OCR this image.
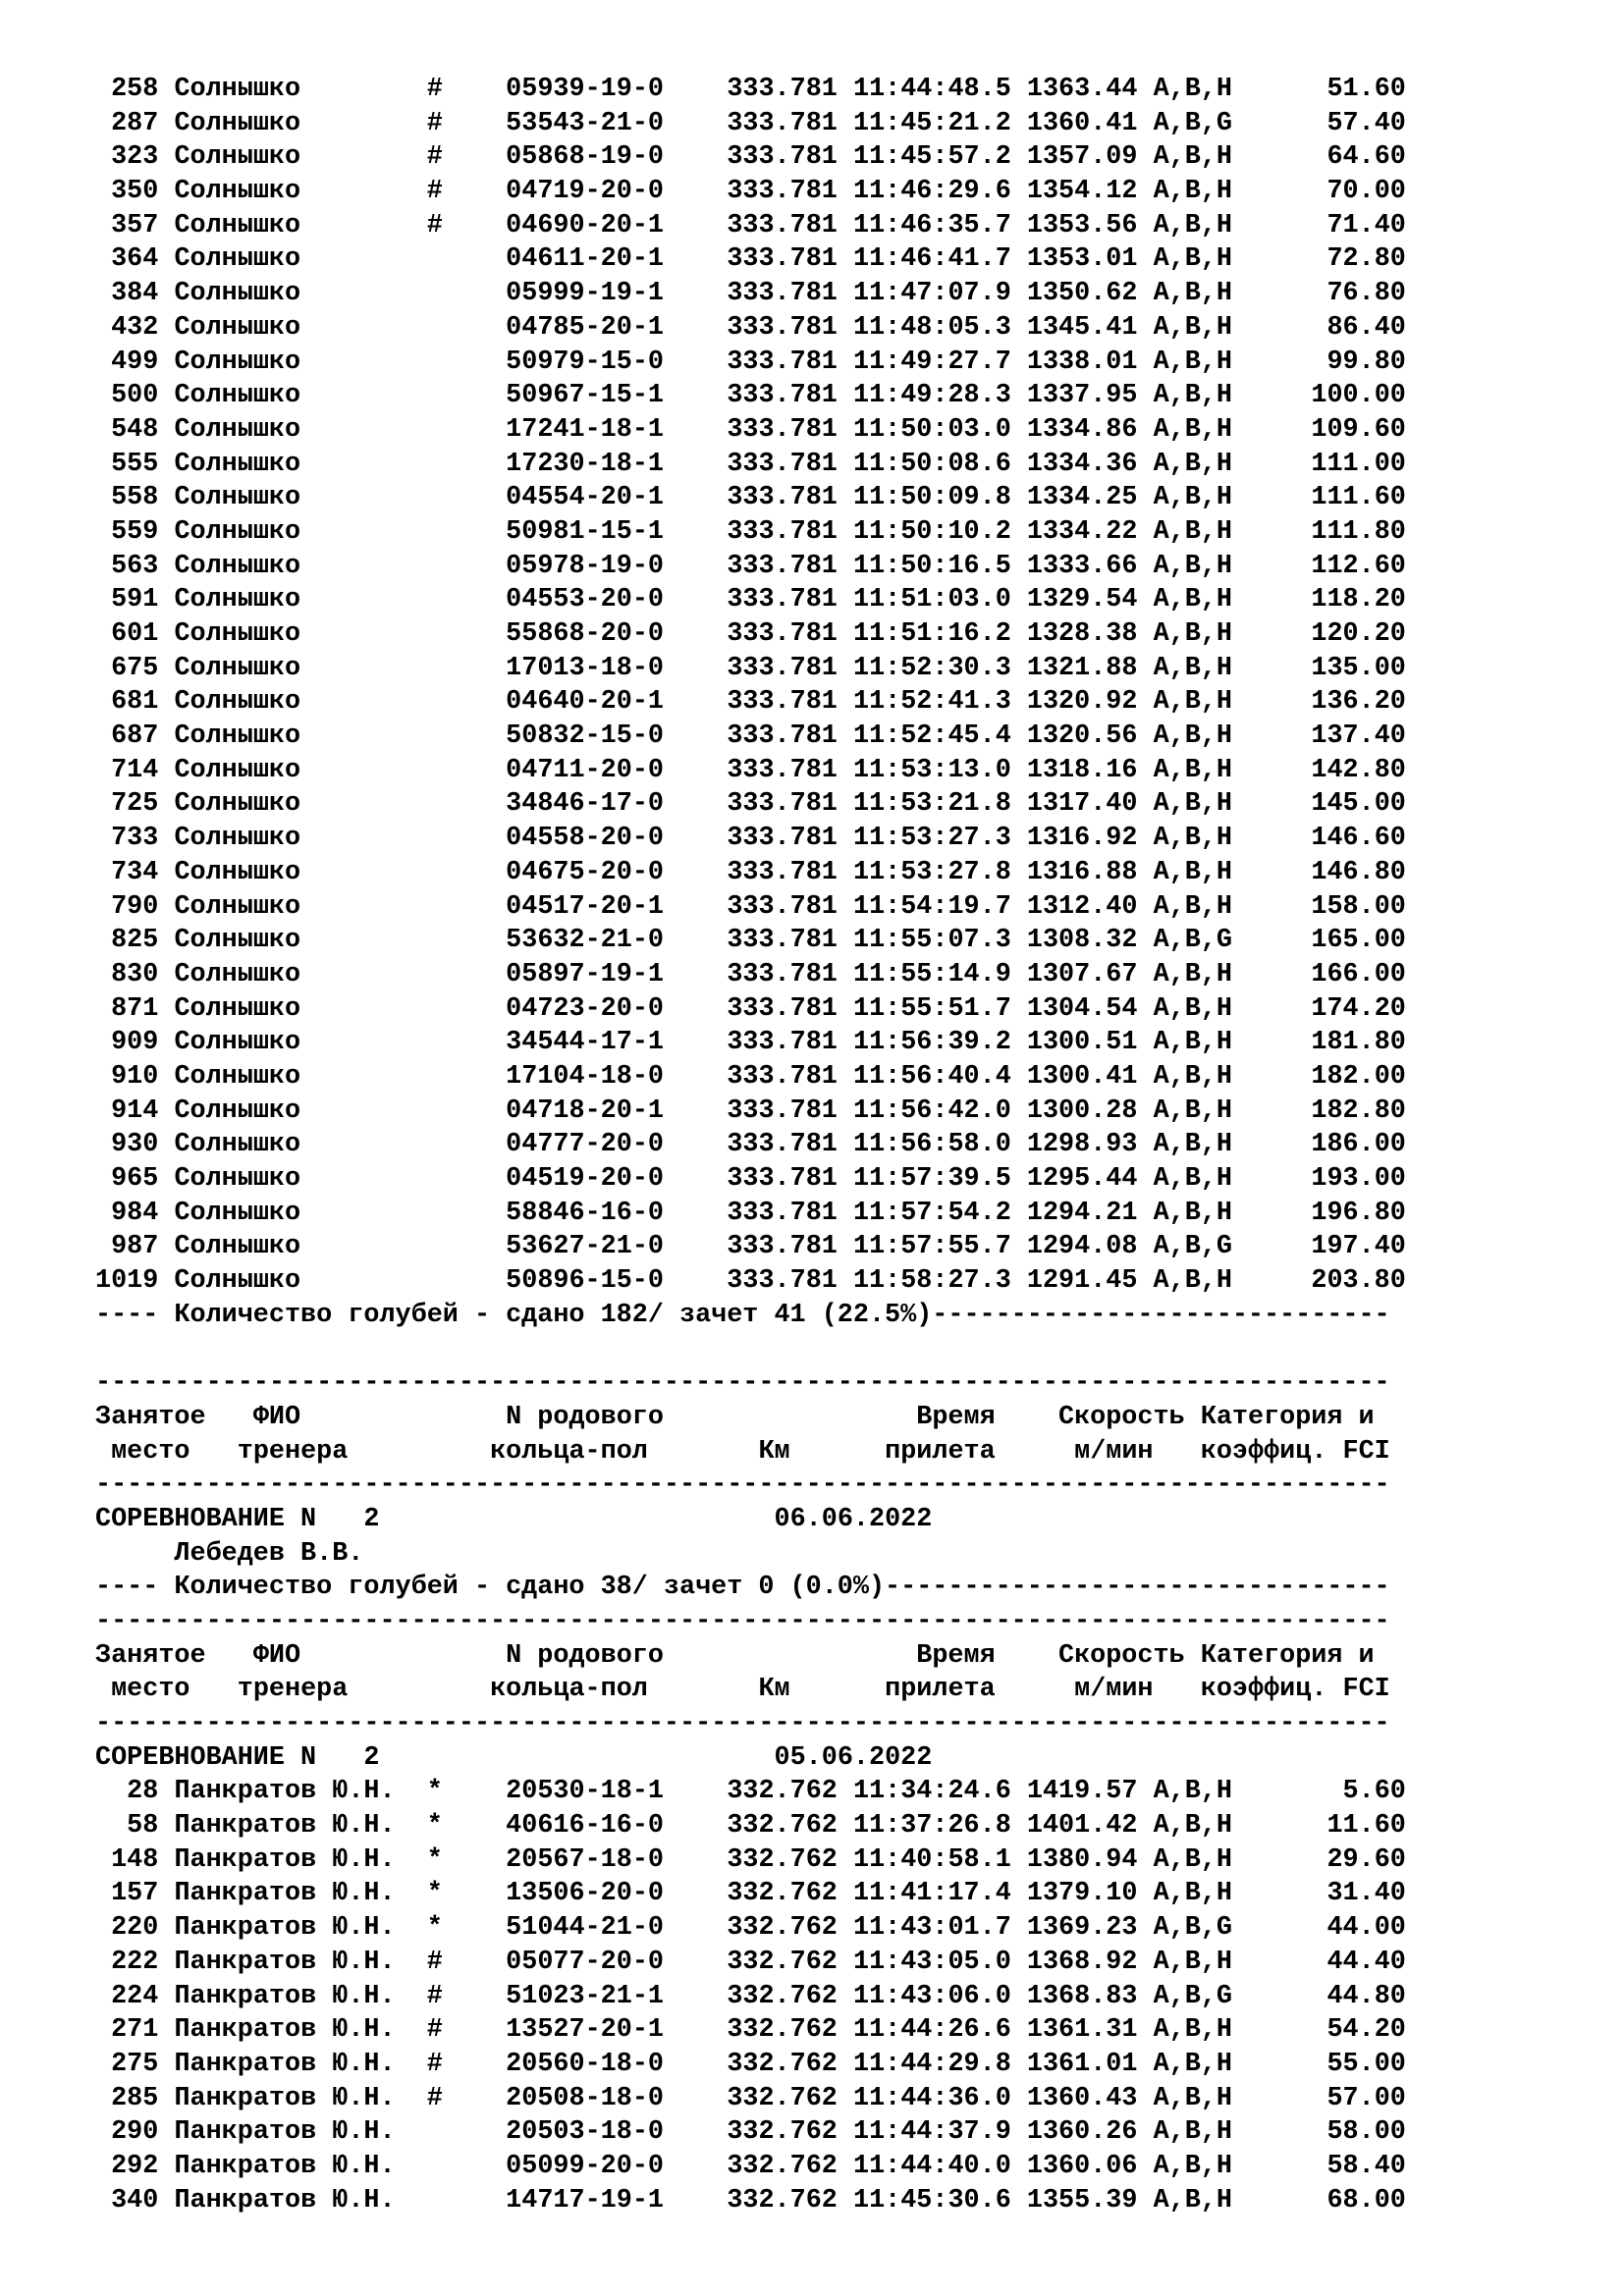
258 Солнышко	# 05939-19-0 333.781 11:44:48.5 1363.44 A,B,H	51.60
287 Солнышко	# 53543-21-0 333.781 11:45:21.2 1360.41 A,B,G	57.40
323 Солнышко	# 05868-19-0 333.781 11:45:57.2 1357.09 A,B,H	64.60
350 Солнышко	# 04719-20-0 333.781 11:46:29.6 1354.12 A,B,H	70.00
357 Солнышко	# 04690-20-1 333.781 11:46:35.7 1353.56 A,B,H	71.40
364 Солнышко	04611-20-1 333.781 11:46:41.7 1353.01 A,B,H	72.80
384 Солнышко	05999-19-1 333.781 11:47:07.9 1350.62 A,B,H	76.80
432 Солнышко	04785-20-1 333.781 11:48:05.3 1345.41 A,B,H	86.40
499 Солнышко	50979-15-0 333.781 11:49:27.7 1338.01 A,B,H	99.80
500 Солнышко	50967-15-1 333.781 11:49:28.3 1337.95 A,B,H	100.00
548 Солнышко	17241-18-1 333.781 11:50:03.0 1334.86 A,B,H	109.60
555 Солнышко	17230-18-1 333.781 11:50:08.6 1334.36 A,B,H	111.00
558 Солнышко	04554-20-1 333.781 11:50:09.8 1334.25 A,B,H	111.60
559 Солнышко	50981-15-1 333.781 11:50:10.2 1334.22 A,B,H	111.80
563 Солнышко	05978-19-0 333.781 11:50:16.5 1333.66 A,B,H	112.60
591 Солнышко	04553-20-0 333.781 11:51:03.0 1329.54 A,B,H	118.20
601 Солнышко	55868-20-0 333.781 11:51:16.2 1328.38 A,B,H	120.20
675 Солнышко	17013-18-0 333.781 11:52:30.3 1321.88 A,B,H	135.00
681 Солнышко	04640-20-1 333.781 11:52:41.3 1320.92 A,B,H	136.20
687 Солнышко	50832-15-0 333.781 11:52:45.4 1320.56 A,B,H	137.40
714 Солнышко	04711-20-0 333.781 11:53:13.0 1318.16 A,B,H	142.80
725 Солнышко	34846-17-0 333.781 11:53:21.8 1317.40 A,B,H	145.00
733 Солнышко	04558-20-0 333.781 11:53:27.3 1316.92 A,B,H	146.60
734 Солнышко	04675-20-0 333.781 11:53:27.8 1316.88 A,B,H	146.80
790 Солнышко	04517-20-1 333.781 11:54:19.7 1312.40 A,B,H	158.00
825 Солнышко	53632-21-0 333.781 11:55:07.3 1308.32 A,B,G	165.00
830 Солнышко	05897-19-1 333.781 11:55:14.9 1307.67 A,B,H	166.00
871 Солнышко	04723-20-0 333.781 11:55:51.7 1304.54 A,B,H	174.20
909 Солнышко	34544-17-1 333.781 11:56:39.2 1300.51 A,B,H	181.80
910 Солнышко	17104-18-0 333.781 11:56:40.4 1300.41 A,B,H	182.00
914 Солнышко	04718-20-1 333.781 11:56:42.0 1300.28 A,B,H	182.80
930 Солнышко	04777-20-0 333.781 11:56:58.0 1298.93 A,B,H	186.00
965 Солнышко	04519-20-0 333.781 11:57:39.5 1295.44 A,B,H	193.00
984 Солнышко	58846-16-0 333.781 11:57:54.2 1294.21 A,B,H	196.80
987 Солнышко	53627-21-0 333.781 11:57:55.7 1294.08 A,B,G	197.40
1019 Солнышко	50896-15-0 333.781 11:58:27.3 1291.45 A,B,H	203.80
---- Количество голубей - сдано 182/ зачет 41 (22.5%)-----------------------------
----------------------------------------------------------------------------------
Занятое ФИО	N родового	Время Скорость Категория и
место тренера	кольца-пол	Км	прилета	м/мин коэффиц. FCI
----------------------------------------------------------------------------------
СОРЕВНОВАНИЕ N   2	06.06.2022
Лебедев В.В.
---- Количество голубей - сдано 38/ зачет 0 (0.0%)--------------------------------
----------------------------------------------------------------------------------
Занятое ФИО	N родового	Время Скорость Категория и
место тренера	кольца-пол	Км	прилета	м/мин коэффиц. FCI
----------------------------------------------------------------------------------
СОРЕВНОВАНИЕ N   2	05.06.2022
28 Панкратов Ю.Н. * 20530-18-1 332.762 11:34:24.6 1419.57 A,B,H	5.60
58 Панкратов Ю.Н. * 40616-16-0 332.762 11:37:26.8 1401.42 A,B,H	11.60
148 Панкратов Ю.Н. * 20567-18-0 332.762 11:40:58.1 1380.94 A,B,H	29.60
157 Панкратов Ю.Н. * 13506-20-0 332.762 11:41:17.4 1379.10 A,B,H	31.40
220 Панкратов Ю.Н. * 51044-21-0 332.762 11:43:01.7 1369.23 A,B,G	44.00
222 Панкратов Ю.Н. # 05077-20-0 332.762 11:43:05.0 1368.92 A,B,H	44.40
224 Панкратов Ю.Н. # 51023-21-1 332.762 11:43:06.0 1368.83 A,B,G	44.80
271 Панкратов Ю.Н. # 13527-20-1 332.762 11:44:26.6 1361.31 A,B,H	54.20
275 Панкратов Ю.Н. # 20560-18-0 332.762 11:44:29.8 1361.01 A,B,H	55.00
285 Панкратов Ю.Н. # 20508-18-0 332.762 11:44:36.0 1360.43 A,B,H	57.00
290 Панкратов Ю.Н.	20503-18-0 332.762 11:44:37.9 1360.26 A,B,H	58.00
292 Панкратов Ю.Н.	05099-20-0 332.762 11:44:40.0 1360.06 A,B,H	58.40
340 Панкратов Ю.Н.	14717-19-1 332.762 11:45:30.6 1355.39 A,B,H	68.00
